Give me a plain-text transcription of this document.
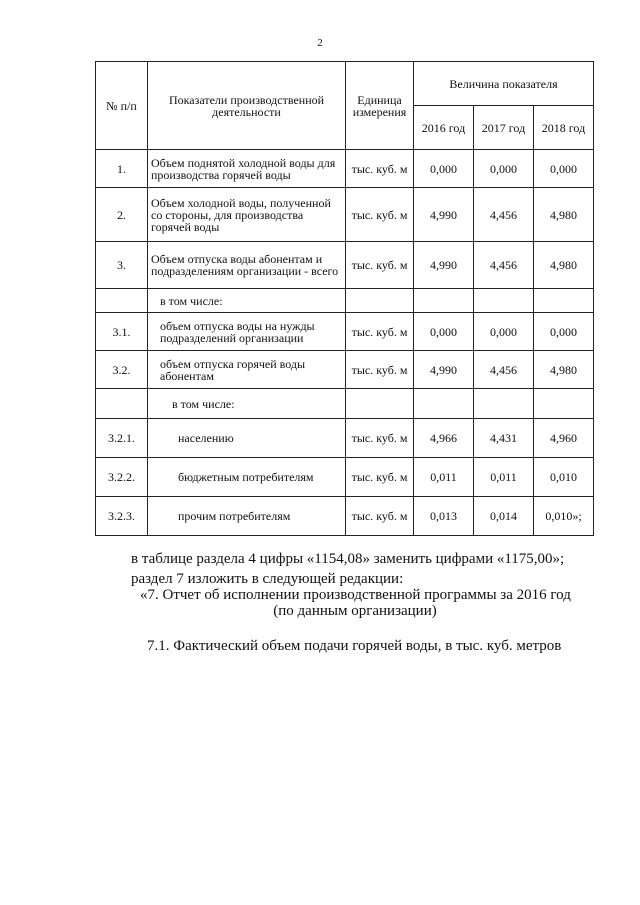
2
№ п/п	Показатели производственной деятельности	Единица измерения	Величина показателя		
			2016 год	2017 год	2018 год
1.	Объем поднятой холодной воды для производства горячей воды	тыс. куб. м	0,000	0,000	0,000
2.	Объем холодной воды, полученной со стороны, для производства горячей воды	тыс. куб. м	4,990	4,456	4,980
3.	Объем отпуска воды абонентам и подразделениям организации - всего	тыс. куб. м	4,990	4,456	4,980
	в том числе:				
3.1.	объем отпуска воды на нужды подразделений организации	тыс. куб. м	0,000	0,000	0,000
3.2.	объем отпуска горячей воды абонентам	тыс. куб. м	4,990	4,456	4,980
	в том числе:				
3.2.1.	населению	тыс. куб. м	4,966	4,431	4,960
3.2.2.	бюджетным потребителям	тыс. куб. м	0,011	0,011	0,010
3.2.3.	прочим потребителям	тыс. куб. м	0,013	0,014	0,010»;
в таблице раздела 4 цифры «1154,08» заменить цифрами «1175,00»;
раздел 7 изложить в следующей редакции:
«7. Отчет об исполнении производственной программы за 2016 год
(по данным организации)
7.1. Фактический объем подачи горячей воды, в тыс. куб. метров
